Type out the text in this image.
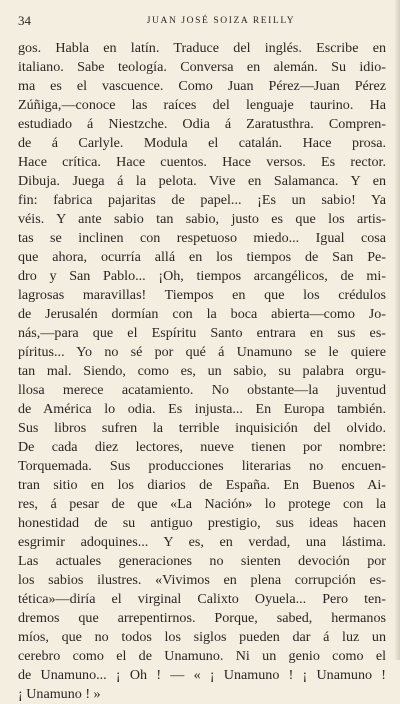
34	JUAN JOSÉ SOIZA REILLY
gos. Habla en latín. Traduce del inglés. Escribe en
italiano. Sabe teología. Conversa en alemán. Su idio-
ma es el vascuence. Como Juan Pérez—Juan Pérez
Zúñiga,—conoce las raíces del lenguaje taurino. Ha
estudiado á Niestzche. Odia á Zaratusthra. Compren-
de á Carlyle. Modula el catalán. Hace prosa.
Hace crítica. Hace cuentos. Hace versos. Es rector.
Dibuja. Juega á la pelota. Vive en Salamanca. Y en
fin: fabrica pajaritas de papel... ¡Es un sabio! Ya
véis. Y ante sabio tan sabio, justo es que los artis-
tas se inclinen con respetuoso miedo... Igual cosa
que ahora, ocurría allá en los tiempos de San Pe-
dro y San Pablo... ¡Oh, tiempos arcangélicos, de mi-
lagrosas maravillas! Tiempos en que los crédulos
de Jerusalén dormían con la boca abierta—como Jo-
nás,—para que el Espíritu Santo entrara en sus es-
píritus... Yo no sé por qué á Unamuno se le quiere
tan mal. Siendo, como es, un sabio, su palabra orgu-
llosa merece acatamiento. No obstante—la juventud
de América lo odia. Es injusta... En Europa también.
Sus libros sufren la terrible inquisición del olvido.
De cada diez lectores, nueve tienen por nombre:
Torquemada. Sus producciones literarias no encuen-
tran sitio en los diarios de España. En Buenos Ai-
res, á pesar de que «La Nación» lo protege con la
honestidad de su antiguo prestigio, sus ideas hacen
esgrimir adoquines... Y es, en verdad, una lástima.
Las actuales generaciones no sienten devoción por
los sabios ilustres. «Vivimos en plena corrupción es-
tética»—diría el virginal Calixto Oyuela... Pero ten-
dremos que arrepentirnos. Porque, sabed, hermanos
míos, que no todos los siglos pueden dar á luz un
cerebro como el de Unamuno. Ni un genio como el
de Unamuno... ¡ Oh ! — « ¡ Unamuno ! ¡ Unamuno !
¡ Unamuno ! »
